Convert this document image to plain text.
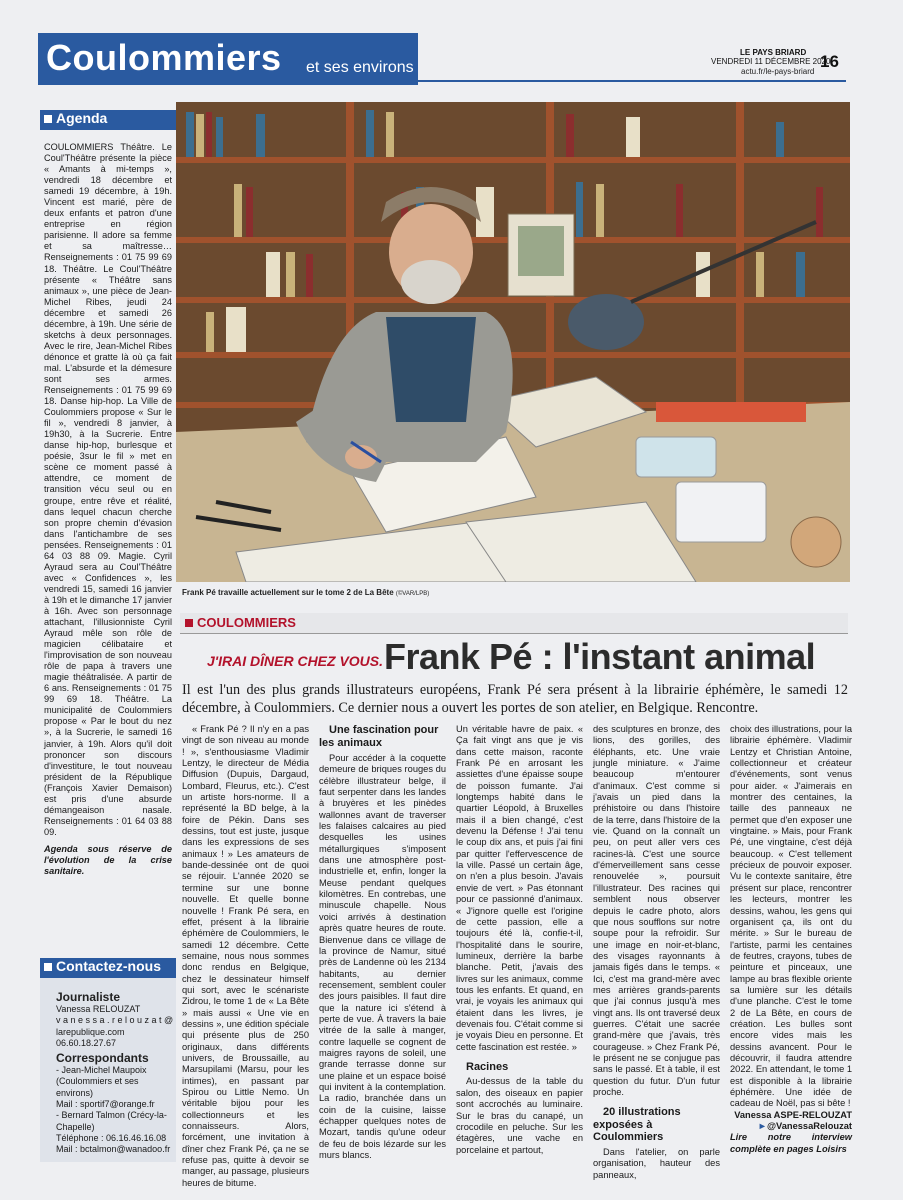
Coulommiers et ses environs
LE PAYS BRIARD
VENDREDI 11 DÉCEMBRE 2020
actu.fr/le-pays-briard
16
Agenda
COULOMMIERS Théâtre. Le Coul'Théâtre présente la pièce « Amants à mi-temps », vendredi 18 décembre et samedi 19 décembre, à 19h. Vincent est marié, père de deux enfants et patron d'une entreprise en région parisienne. Il adore sa femme et sa maîtresse… Renseignements : 01 75 99 69 18. Théâtre. Le Coul'Théâtre présente « Théâtre sans animaux », une pièce de Jean-Michel Ribes, jeudi 24 décembre et samedi 26 décembre, à 19h. Une série de sketchs à deux personnages. Avec le rire, Jean-Michel Ribes dénonce et gratte là où ça fait mal. L'absurde et la démesure sont ses armes. Renseignements : 01 75 99 69 18. Danse hip-hop. La Ville de Coulommiers propose « Sur le fil », vendredi 8 janvier, à 19h30, à la Sucrerie. Entre danse hip-hop, burlesque et poésie, 3sur le fil » met en scène ce moment passé à attendre, ce moment de transition vécu seul ou en groupe, entre rêve et réalité, dans lequel chacun cherche son propre chemin d'évasion dans l'antichambre de ses pensées. Renseignements : 01 64 03 88 09. Magie. Cyril Ayraud sera au Coul'Théâtre avec « Confidences », les vendredi 15, samedi 16 janvier à 19h et le dimanche 17 janvier à 16h. Avec son personnage attachant, l'illusionniste Cyril Ayraud mêle son rôle de magicien célibataire et l'improvisation de son nouveau rôle de papa à travers une magie théâtralisée. A partir de 6 ans. Renseignements : 01 75 99 69 18. Théâtre. La municipalité de Coulommiers propose « Par le bout du nez », à la Sucrerie, le samedi 16 janvier, à 19h. Alors qu'il doit prononcer son discours d'investiture, le tout nouveau président de la République (François Xavier Demaison) est pris d'une absurde démangeaison nasale. Renseignements : 01 64 03 88 09.
Agenda sous réserve de l'évolution de la crise sanitaire.
Contactez-nous
Journaliste
Vanessa RELOUZAT
v a n e s s a . r e l o u z a t @ larepublique.com
06.60.18.27.67
Correspondants
- Jean-Michel Maupoix (Coulommiers et ses environs)
Mail : sportif7@orange.fr
- Bernard Talmon (Crécy-la-Chapelle)
Téléphone : 06.16.46.16.08
Mail : bctalmon@wanadoo.fr
Frank Pé travaille actuellement sur le tome 2 de La Bête (©VAR/LPB)
COULOMMIERS
J'IRAI DÎNER CHEZ VOUS. Frank Pé : l'instant animal
Il est l'un des plus grands illustrateurs européens, Frank Pé sera présent à la librairie éphémère, le samedi 12 décembre, à Coulommiers. Ce dernier nous a ouvert les portes de son atelier, en Belgique. Rencontre.

« Frank Pé ? Il n'y en a pas vingt de son niveau au monde ! », s'enthousiasme Vladimir Lentzy, le directeur de Média Diffusion (Dupuis, Dargaud, Lombard, Fleurus, etc.). C'est un artiste hors-norme. Il a représenté la BD belge, à la foire de Pékin. Dans ses dessins, tout est juste, jusque dans les expressions de ses animaux ! » Les amateurs de bande-dessinée ont de quoi se réjouir. L'année 2020 se termine sur une bonne nouvelle. Et quelle bonne nouvelle ! Frank Pé sera, en effet, présent à la librairie éphémère de Coulommiers, le samedi 12 décembre. Cette semaine, nous nous sommes donc rendus en Belgique, chez le dessinateur himself qui sort, avec le scénariste Zidrou, le tome 1 de « La Bête » mais aussi « Une vie en dessins », une édition spéciale qui présente plus de 250 originaux, dans différents univers, de Broussaille, au Marsupilami (Marsu, pour les intimes), en passant par Spirou ou Little Nemo. Un véritable bijou pour les collectionneurs et les connaisseurs. Alors, forcément, une invitation à dîner chez Frank Pé, ça ne se refuse pas, quitte à devoir se manger, au passage, plusieurs heures de bitume.

Une fascination pour les animaux

Pour accéder à la coquette demeure de briques rouges du célèbre illustrateur belge, il faut serpenter dans les landes à bruyères et les pinèdes wallonnes avant de traverser les falaises calcaires au pied desquelles les usines métallurgiques s'imposent dans une atmosphère post-industrielle et, enfin, longer la Meuse pendant quelques kilomètres. En contrebas, une minuscule chapelle. Nous voici arrivés à destination après quatre heures de route. Bienvenue dans ce village de la province de Namur, situé près de Landenne où les 2134 habitants, au dernier recensement, semblent couler des jours paisibles. Il faut dire que la nature ici s'étend à perte de vue. À travers la baie vitrée de la salle à manger, contre laquelle se cognent de maigres rayons de soleil, une grande terrasse donne sur une plaine et un espace boisé qui invitent à la contemplation. La radio, branchée dans un coin de la cuisine, laisse échapper quelques notes de Mozart, tandis qu'une odeur de feu de bois lézarde sur les murs blancs.

Un véritable havre de paix. « Ça fait vingt ans que je vis dans cette maison, raconte Frank Pé en arrosant les assiettes d'une épaisse soupe de poisson fumante. J'ai longtemps habité dans le quartier Léopold, à Bruxelles mais il a bien changé, c'est devenu la Défense ! J'ai tenu le coup dix ans, et puis j'ai fini par quitter l'effervescence de la ville. Passé un certain âge, on n'en a plus besoin. J'avais envie de vert. » Pas étonnant pour ce passionné d'animaux. « J'ignore quelle est l'origine de cette passion, elle a toujours été là, confie-t-il, l'hospitalité dans le sourire, lumineux, derrière la barbe blanche. Petit, j'avais des livres sur les animaux, comme tous les enfants. Et quand, en vrai, je voyais les animaux qui étaient dans les livres, je devenais fou. C'était comme si je voyais Dieu en personne. Et cette fascination est restée. »

Racines

Au-dessus de la table du salon, des oiseaux en papier sont accrochés au luminaire. Sur le bras du canapé, un crocodile en peluche. Sur les étagères, une vache en porcelaine et partout,

des sculptures en bronze, des lions, des gorilles, des éléphants, etc. Une vraie jungle miniature. « J'aime beaucoup m'entourer d'animaux. C'est comme si j'avais un pied dans la préhistoire ou dans l'histoire de la terre, dans l'histoire de la vie. Quand on la connaît un peu, on peut aller vers ces racines-là. C'est une source d'émerveillement sans cesse renouvelée », poursuit l'illustrateur. Des racines qui semblent nous observer depuis le cadre photo, alors que nous soufflons sur notre soupe pour la refroidir. Sur une image en noir-et-blanc, des visages rayonnants à jamais figés dans le temps. « Ici, c'est ma grand-mère avec mes arrières grands-parents que j'ai connus jusqu'à mes vingt ans. Ils ont traversé deux guerres. C'était une sacrée grand-mère que j'avais, très courageuse. » Chez Frank Pé, le présent ne se conjugue pas sans le passé. Et à table, il est question du futur. D'un futur proche.

20 illustrations exposées à Coulommiers

Dans l'atelier, on parle organisation, hauteur des panneaux,

choix des illustrations, pour la librairie éphémère. Vladimir Lentzy et Christian Antoine, collectionneur et créateur d'événements, sont venus pour aider. « J'aimerais en montrer des centaines, la taille des panneaux ne permet que d'en exposer une vingtaine. » Mais, pour Frank Pé, une vingtaine, c'est déjà beaucoup. « C'est tellement précieux de pouvoir exposer. Vu le contexte sanitaire, être présent sur place, rencontrer les lecteurs, montrer les dessins, wahou, les gens qui organisent ça, ils ont du mérite. » Sur le bureau de l'artiste, parmi les centaines de feutres, crayons, tubes de peinture et pinceaux, une lampe au bras flexible oriente sa lumière sur les détails d'une planche. C'est le tome 2 de La Bête, en cours de création. Les bulles sont encore vides mais les dessins avancent. Pour le découvrir, il faudra attendre 2022. En attendant, le tome 1 est disponible à la librairie éphémère. Une idée de cadeau de Noël, pas si bête !

Vanessa ASPE-RELOUZAT

►@VanessaRelouzat

Lire notre interview complète en pages Loisirs
